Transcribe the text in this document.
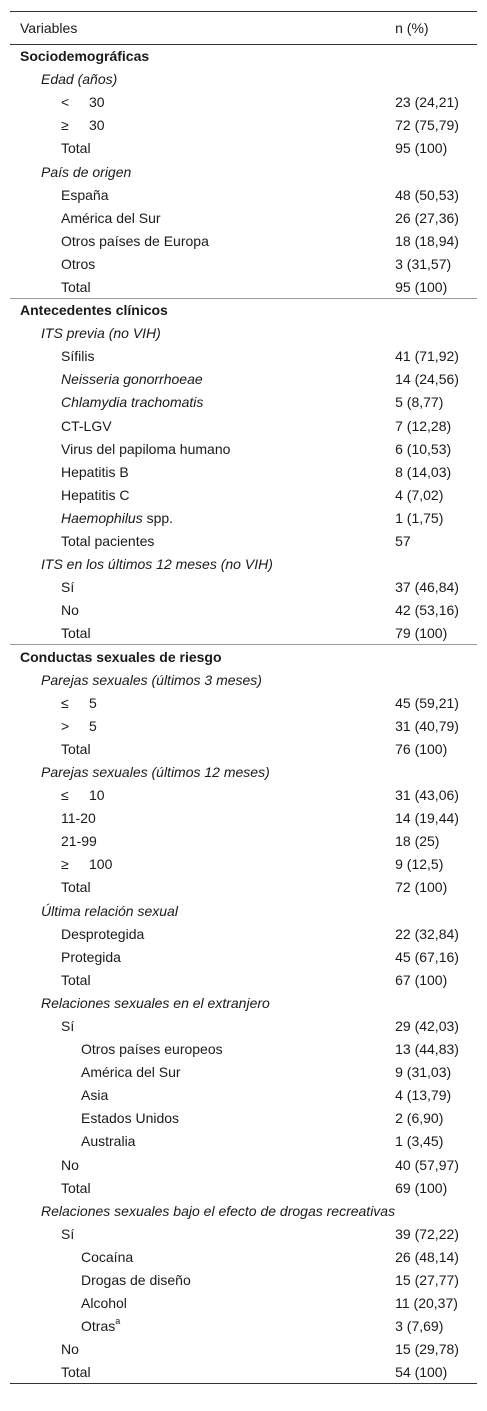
Variables	n (%)
Sociodemográficas	
Edad (años)	
< 30	23 (24,21)
≥ 30	72 (75,79)
Total	95 (100)
País de origen	
España	48 (50,53)
América del Sur	26 (27,36)
Otros países de Europa	18 (18,94)
Otros	3 (31,57)
Total	95 (100)
Antecedentes clínicos	
ITS previa (no VIH)	
Sífilis	41 (71,92)
Neisseria gonorrhoeae	14 (24,56)
Chlamydia trachomatis	5 (8,77)
CT-LGV	7 (12,28)
Virus del papiloma humano	6 (10,53)
Hepatitis B	8 (14,03)
Hepatitis C	4 (7,02)
Haemophilus spp.	1 (1,75)
Total pacientes	57
ITS en los últimos 12 meses (no VIH)	
Sí	37 (46,84)
No	42 (53,16)
Total	79 (100)
Conductas sexuales de riesgo	
Parejas sexuales (últimos 3 meses)	
≤ 5	45 (59,21)
> 5	31 (40,79)
Total	76 (100)
Parejas sexuales (últimos 12 meses)	
≤ 10	31 (43,06)
11-20	14 (19,44)
21-99	18 (25)
≥ 100	9 (12,5)
Total	72 (100)
Última relación sexual	
Desprotegida	22 (32,84)
Protegida	45 (67,16)
Total	67 (100)
Relaciones sexuales en el extranjero	
Sí	29 (42,03)
Otros países europeos	13 (44,83)
América del Sur	9 (31,03)
Asia	4 (13,79)
Estados Unidos	2 (6,90)
Australia	1 (3,45)
No	40 (57,97)
Total	69 (100)
Relaciones sexuales bajo el efecto de drogas recreativas	
Sí	39 (72,22)
Cocaína	26 (48,14)
Drogas de diseño	15 (27,77)
Alcohol	11 (20,37)
Otras$^a$	3 (7,69)
No	15 (29,78)
Total	54 (100)
